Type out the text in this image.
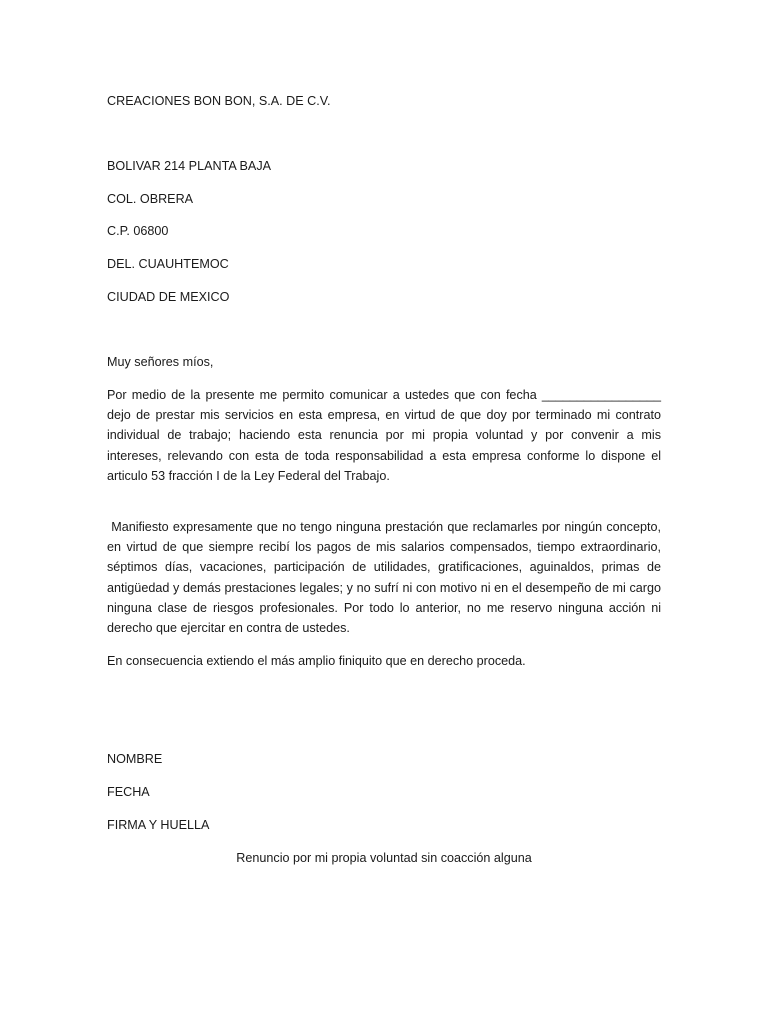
CREACIONES BON BON, S.A. DE C.V.
BOLIVAR 214 PLANTA BAJA
COL. OBRERA
C.P. 06800
DEL. CUAUHTEMOC
CIUDAD DE MEXICO
Muy señores míos,
Por medio de la presente me permito comunicar a ustedes que con fecha _________________
dejo de prestar mis servicios en esta empresa, en virtud de que doy por terminado mi contrato
individual de trabajo; haciendo esta renuncia por mi propia voluntad y por convenir a mis
intereses, relevando con esta de toda responsabilidad a esta empresa conforme lo dispone el
articulo 53 fracción I de la Ley Federal del Trabajo.
Manifiesto expresamente que no tengo ninguna prestación que reclamarles por ningún concepto,
en virtud de que siempre recibí los pagos de mis salarios compensados, tiempo extraordinario,
séptimos días, vacaciones, participación de utilidades, gratificaciones, aguinaldos, primas de
antigüedad y demás prestaciones legales; y no sufrí ni con motivo ni en el desempeño de mi cargo
ninguna clase de riesgos profesionales. Por todo lo anterior, no me reservo ninguna acción ni
derecho que ejercitar en contra de ustedes.
En consecuencia extiendo el más amplio finiquito que en derecho proceda.
NOMBRE
FECHA
FIRMA Y HUELLA
Renuncio por mi propia voluntad sin coacción alguna
